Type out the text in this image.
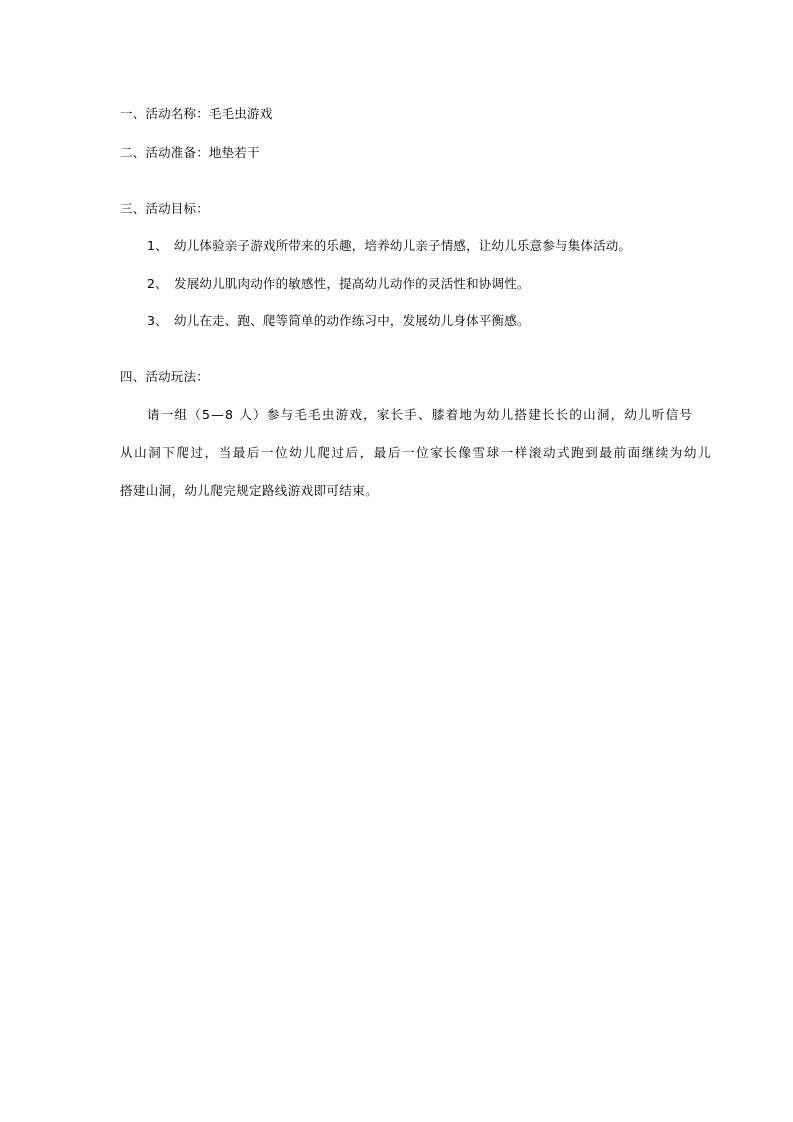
一、活动名称：毛毛虫游戏
二、活动准备：地垫若干
三、活动目标：
1、 幼儿体验亲子游戏所带来的乐趣，培养幼儿亲子情感，让幼儿乐意参与集体活动。
2、 发展幼儿肌肉动作的敏感性，提高幼儿动作的灵活性和协调性。
3、 幼儿在走、跑、爬等简单的动作练习中，发展幼儿身体平衡感。
四、活动玩法：
请一组（5—8 人）参与毛毛虫游戏，家长手、膝着地为幼儿搭建长长的山洞，幼儿听信号
从山洞下爬过，当最后一位幼儿爬过后，最后一位家长像雪球一样滚动式跑到最前面继续为幼儿
搭建山洞，幼儿爬完规定路线游戏即可结束。
